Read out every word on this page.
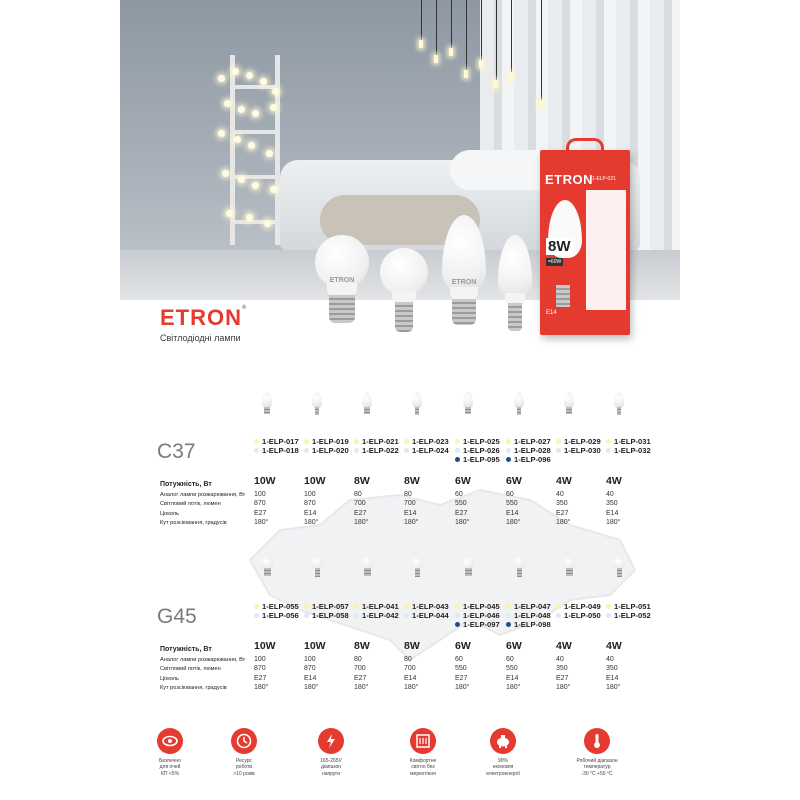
ETRON	ETRON
ETRON 1-ELP-021
8W
=60W
E14
ETRON®
Світлодіодні лампи
C37
Потужність, Вт
Аналог лампи розжарювання, Вт
Світловий потік, люмен
Цоколь
Кут розсіювання, градусів
1-ELP-017
1-ELP-018
10W
100
870
E27
180°
1-ELP-019
1-ELP-020
10W
100
870
E14
180°
1-ELP-021
1-ELP-022
8W
80
700
E27
180°
1-ELP-023
1-ELP-024
8W
80
700
E14
180°
1-ELP-025
1-ELP-026
1-ELP-095
6W
60
550
E27
180°
1-ELP-027
1-ELP-028
1-ELP-096
6W
60
550
E14
180°
1-ELP-029
1-ELP-030
4W
40
350
E27
180°
1-ELP-031
1-ELP-032
4W
40
350
E14
180°
G45
Потужність, Вт
Аналог лампи розжарювання, Вт
Світловий потік, люмен
Цоколь
Кут розсіювання, градусів
1-ELP-055
1-ELP-056
10W
100
870
E27
180°
1-ELP-057
1-ELP-058
10W
100
870
E14
180°
1-ELP-041
1-ELP-042
8W
80
700
E27
180°
1-ELP-043
1-ELP-044
8W
80
700
E14
180°
1-ELP-045
1-ELP-046
1-ELP-097
6W
60
550
E27
180°
1-ELP-047
1-ELP-048
1-ELP-098
6W
60
550
E14
180°
1-ELP-049
1-ELP-050
4W
40
350
E27
180°
1-ELP-051
1-ELP-052
4W
40
350
E14
180°
Безпечно
для очей
КП <5%
Ресурс
роботи
>10 років
165-265V
діапазон
напруги
Комфортне
світло без
мерехтіння
90%
економія
електроенергії
Робочий діапазон
температур
-30 °C +50 °C
